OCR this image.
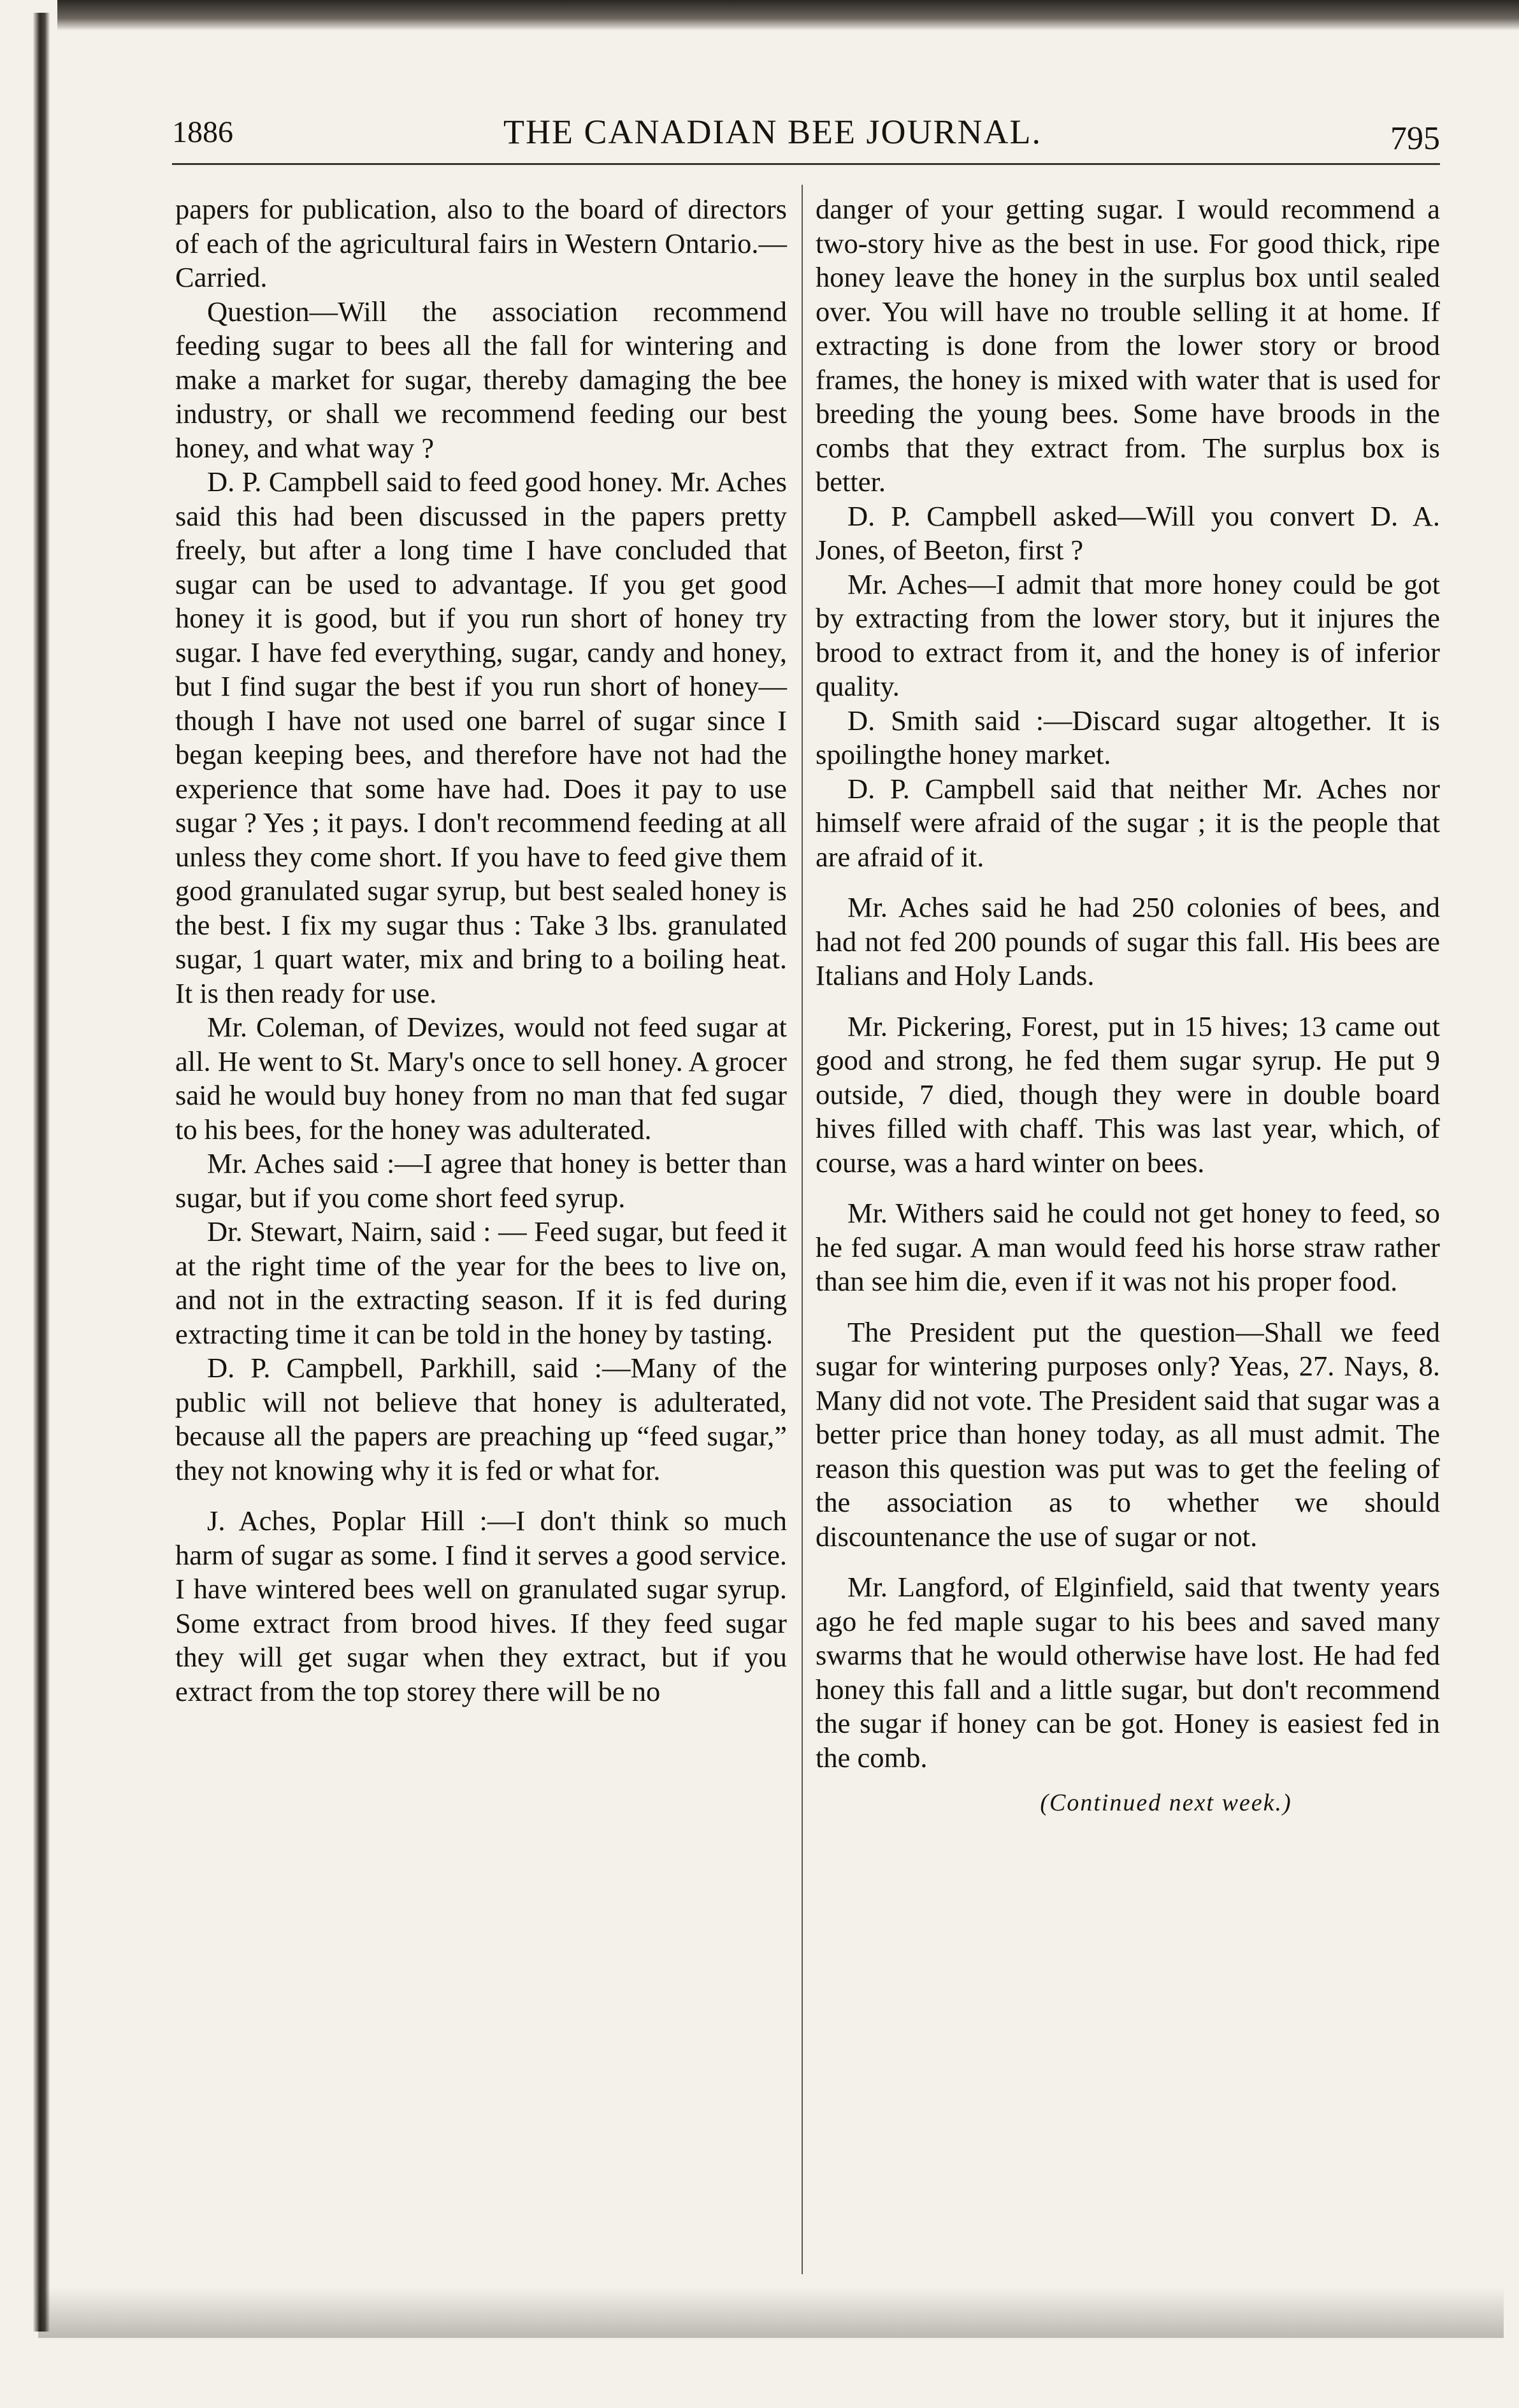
1886	THE CANADIAN BEE JOURNAL.	795

papers for publication, also to the board of directors of each of the agricultural fairs in Western Ontario.—Carried.

Question—Will the association recommend feeding sugar to bees all the fall for wintering and make a market for sugar, thereby damaging the bee industry, or shall we recommend feeding our best honey, and what way ?

D. P. Campbell said to feed good honey. Mr. Aches said this had been discussed in the papers pretty freely, but after a long time I have concluded that sugar can be used to advantage. If you get good honey it is good, but if you run short of honey try sugar. I have fed everything, sugar, candy and honey, but I find sugar the best if you run short of honey—though I have not used one barrel of sugar since I began keeping bees, and therefore have not had the experience that some have had. Does it pay to use sugar ? Yes ; it pays. I don't recommend feeding at all unless they come short. If you have to feed give them good granulated sugar syrup, but best sealed honey is the best. I fix my sugar thus : Take 3 lbs. granulated sugar, 1 quart water, mix and bring to a boiling heat. It is then ready for use.

Mr. Coleman, of Devizes, would not feed sugar at all. He went to St. Mary's once to sell honey. A grocer said he would buy honey from no man that fed sugar to his bees, for the honey was adulterated.

Mr. Aches said :—I agree that honey is better than sugar, but if you come short feed syrup.

Dr. Stewart, Nairn, said : — Feed sugar, but feed it at the right time of the year for the bees to live on, and not in the extracting season. If it is fed during extracting time it can be told in the honey by tasting.

D. P. Campbell, Parkhill, said :—Many of the public will not believe that honey is adulterated, because all the papers are preaching up “feed sugar,” they not knowing why it is fed or what for.

J. Aches, Poplar Hill :—I don't think so much harm of sugar as some. I find it serves a good service. I have wintered bees well on granulated sugar syrup. Some extract from brood hives. If they feed sugar they will get sugar when they extract, but if you extract from the top storey there will be no

danger of your getting sugar. I would recommend a two-story hive as the best in use. For good thick, ripe honey leave the honey in the surplus box until sealed over. You will have no trouble selling it at home. If extracting is done from the lower story or brood frames, the honey is mixed with water that is used for breeding the young bees. Some have broods in the combs that they extract from. The surplus box is better.

D. P. Campbell asked—Will you convert D. A. Jones, of Beeton, first ?

Mr. Aches—I admit that more honey could be got by extracting from the lower story, but it injures the brood to extract from it, and the honey is of inferior quality.

D. Smith said :—Discard sugar altogether. It is spoilingthe honey market.

D. P. Campbell said that neither Mr. Aches nor himself were afraid of the sugar ; it is the people that are afraid of it.

Mr. Aches said he had 250 colonies of bees, and had not fed 200 pounds of sugar this fall. His bees are Italians and Holy Lands.

Mr. Pickering, Forest, put in 15 hives; 13 came out good and strong, he fed them sugar syrup. He put 9 outside, 7 died, though they were in double board hives filled with chaff. This was last year, which, of course, was a hard winter on bees.

Mr. Withers said he could not get honey to feed, so he fed sugar. A man would feed his horse straw rather than see him die, even if it was not his proper food.

The President put the question—Shall we feed sugar for wintering purposes only? Yeas, 27. Nays, 8. Many did not vote. The President said that sugar was a better price than honey today, as all must admit. The reason this question was put was to get the feeling of the association as to whether we should discountenance the use of sugar or not.

Mr. Langford, of Elginfield, said that twenty years ago he fed maple sugar to his bees and saved many swarms that he would otherwise have lost. He had fed honey this fall and a little sugar, but don't recommend the sugar if honey can be got. Honey is easiest fed in the comb.

(Continued next week.)
